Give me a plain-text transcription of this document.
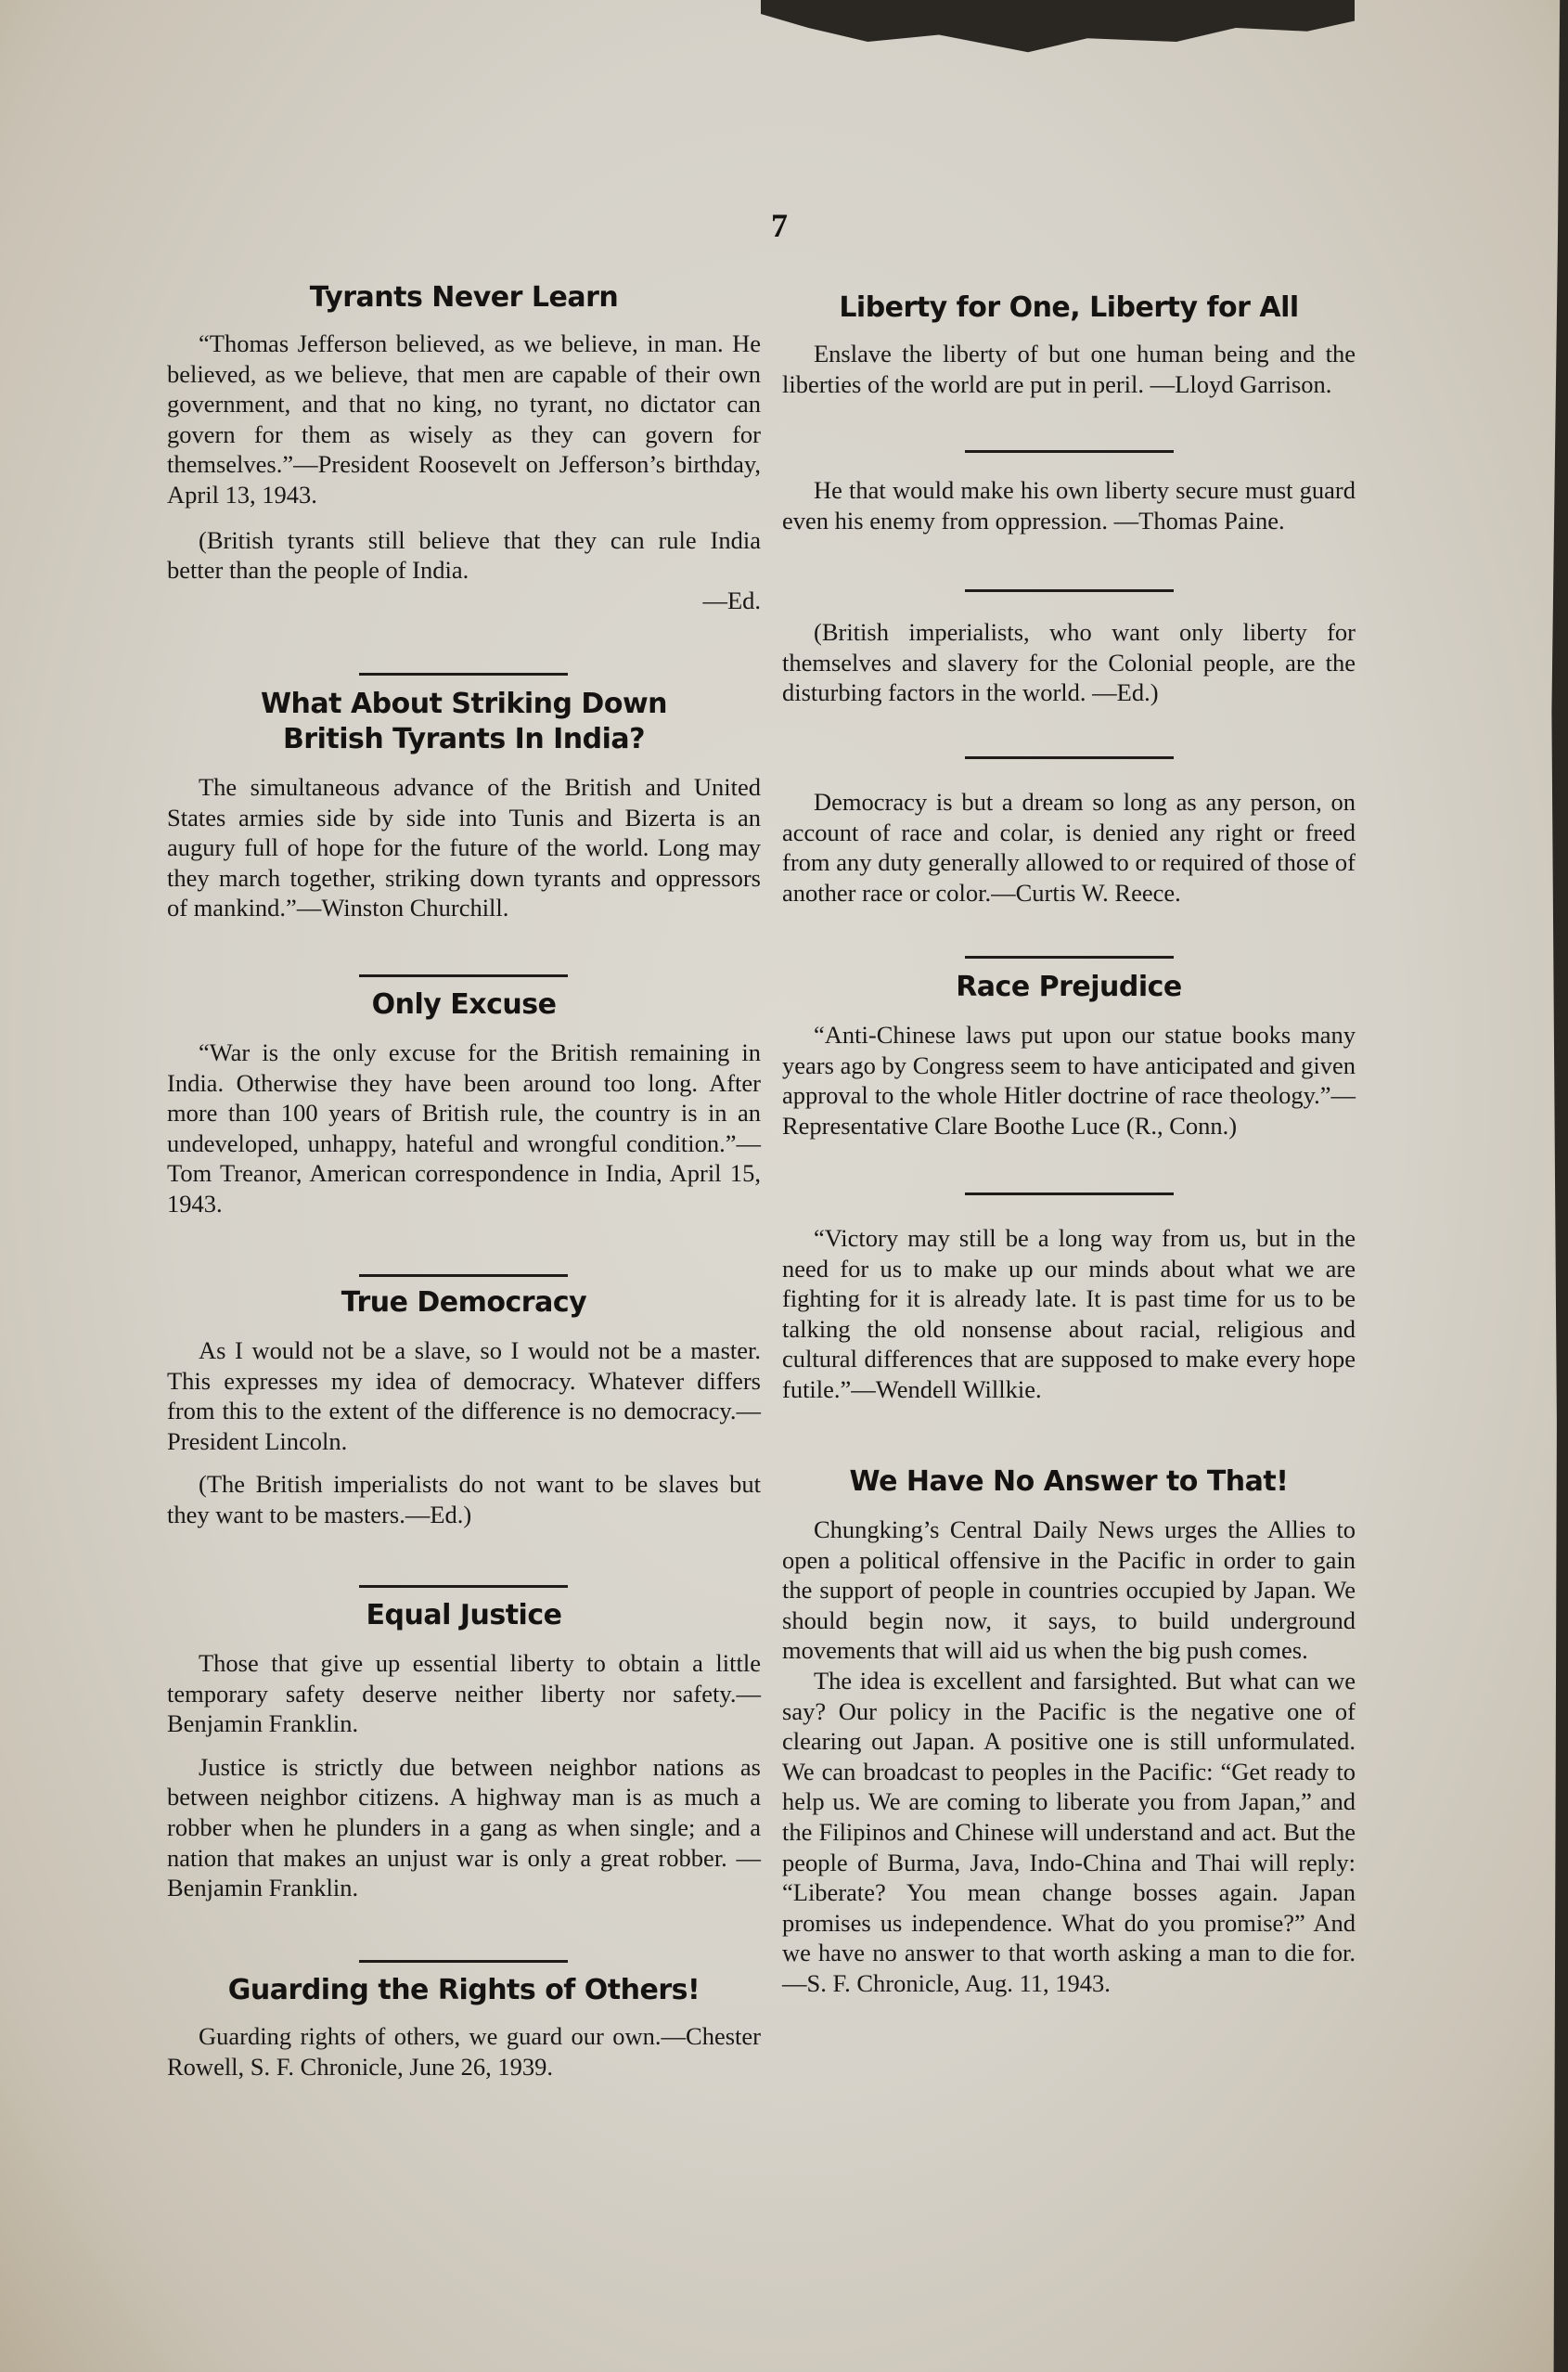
7
Tyrants Never Learn

“Thomas Jefferson believed, as we believe, in man. He believed, as we believe, that men are capable of their own government, and that no king, no tyrant, no dictator can govern for them as wisely as they can govern for themselves.”—President Roosevelt on Jefferson’s birthday, April 13, 1943.

(British tyrants still believe that they can rule India better than the people of India.

—Ed.

What About Striking Down British Tyrants In India?

The simultaneous advance of the British and United States armies side by side into Tunis and Bizerta is an augury full of hope for the future of the world. Long may they march together, striking down tyrants and oppressors of mankind.”—Winston Churchill.

Only Excuse

“War is the only excuse for the British remaining in India. Otherwise they have been around too long. After more than 100 years of British rule, the country is in an undeveloped, unhappy, hateful and wrongful condition.”—Tom Treanor, American correspondence in India, April 15, 1943.

True Democracy

As I would not be a slave, so I would not be a master. This expresses my idea of democracy. Whatever differs from this to the extent of the difference is no democracy.—President Lincoln.

(The British imperialists do not want to be slaves but they want to be masters.—Ed.)

Equal Justice

Those that give up essential liberty to obtain a little temporary safety deserve neither liberty nor safety.—Benjamin Franklin.

Justice is strictly due between neighbor nations as between neighbor citizens. A highway man is as much a robber when he plunders in a gang as when single; and a nation that makes an unjust war is only a great robber. — Benjamin Franklin.

Guarding the Rights of Others!

Guarding rights of others, we guard our own.—Chester Rowell, S. F. Chronicle, June 26, 1939.

Liberty for One, Liberty for All

Enslave the liberty of but one human being and the liberties of the world are put in peril. —Lloyd Garrison.

He that would make his own liberty secure must guard even his enemy from oppression. —Thomas Paine.

(British imperialists, who want only liberty for themselves and slavery for the Colonial people, are the disturbing factors in the world. —Ed.)

Democracy is but a dream so long as any person, on account of race and colar, is denied any right or freed from any duty generally allowed to or required of those of another race or color.—Curtis W. Reece.

Race Prejudice

“Anti-Chinese laws put upon our statue books many years ago by Congress seem to have anticipated and given approval to the whole Hitler doctrine of race theology.”—Representative Clare Boothe Luce (R., Conn.)

“Victory may still be a long way from us, but in the need for us to make up our minds about what we are fighting for it is already late. It is past time for us to be talking the old nonsense about racial, religious and cultural differences that are supposed to make every hope futile.”—Wendell Willkie.

We Have No Answer to That!

Chungking’s Central Daily News urges the Allies to open a political offensive in the Pacific in order to gain the support of people in countries occupied by Japan. We should begin now, it says, to build underground movements that will aid us when the big push comes.

The idea is excellent and farsighted. But what can we say? Our policy in the Pacific is the negative one of clearing out Japan. A positive one is still unformulated. We can broadcast to peoples in the Pacific: “Get ready to help us. We are coming to liberate you from Japan,” and the Filipinos and Chinese will understand and act. But the people of Burma, Java, Indo-China and Thai will reply: “Liberate? You mean change bosses again. Japan promises us independence. What do you promise?” And we have no answer to that worth asking a man to die for.—S. F. Chronicle, Aug. 11, 1943.
